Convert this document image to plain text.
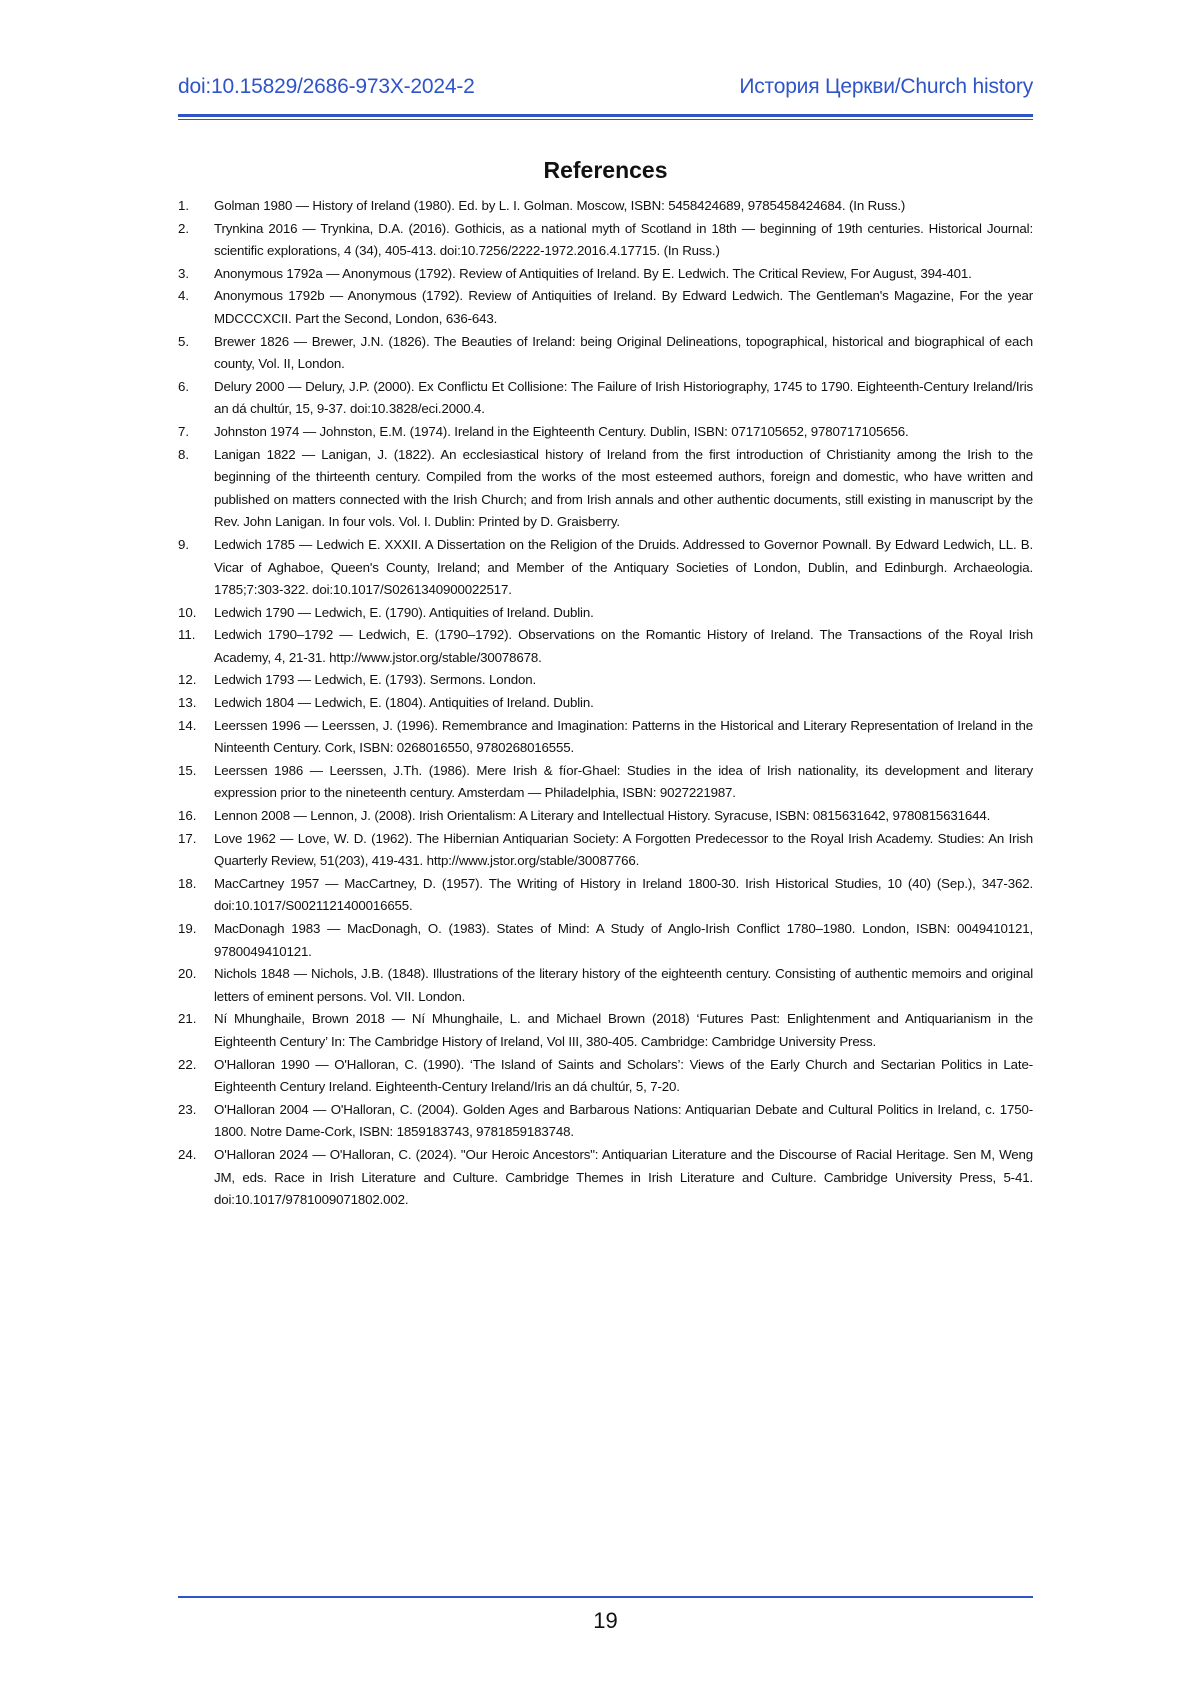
doi:10.15829/2686-973X-2024-2	История Церкви/Church history
References
1.	Golman 1980 — History of Ireland (1980). Ed. by L. I. Golman. Moscow, ISBN: 5458424689, 9785458424684. (In Russ.)
2.	Trynkina 2016 — Trynkina, D.A. (2016). Gothicis, as a national myth of Scotland in 18th — beginning of 19th centuries. Historical Journal: scientific explorations, 4 (34), 405-413. doi:10.7256/2222-1972.2016.4.17715. (In Russ.)
3.	Anonymous 1792a — Anonymous (1792). Review of Antiquities of Ireland. By E. Ledwich. The Critical Review, For August, 394-401.
4.	Anonymous 1792b — Anonymous (1792). Review of Antiquities of Ireland. By Edward Ledwich. The Gentleman's Magazine, For the year MDCCCXCII. Part the Second, London, 636-643.
5.	Brewer 1826 — Brewer, J.N. (1826). The Beauties of Ireland: being Original Delineations, topographical, historical and biographical of each county, Vol. II, London.
6.	Delury 2000 — Delury, J.P. (2000). Ex Conflictu Et Collisione: The Failure of Irish Historiography, 1745 to 1790. Eighteenth-Century Ireland/Iris an dá chultúr, 15, 9-37. doi:10.3828/eci.2000.4.
7.	Johnston 1974 — Johnston, E.M. (1974). Ireland in the Eighteenth Century. Dublin, ISBN: 0717105652, 9780717105656.
8.	Lanigan 1822 — Lanigan, J. (1822). An ecclesiastical history of Ireland from the first introduction of Christianity among the Irish to the beginning of the thirteenth century. Compiled from the works of the most esteemed authors, foreign and domestic, who have written and published on matters connected with the Irish Church; and from Irish annals and other authentic documents, still existing in manuscript by the Rev. John Lanigan. In four vols. Vol. I. Dublin: Printed by D. Graisberry.
9.	Ledwich 1785 — Ledwich E. XXXII. A Dissertation on the Religion of the Druids. Addressed to Governor Pownall. By Edward Ledwich, LL. B. Vicar of Aghaboe, Queen's County, Ireland; and Member of the Antiquary Societies of London, Dublin, and Edinburgh. Archaeologia. 1785;7:303-322. doi:10.1017/S0261340900022517.
10.	Ledwich 1790 — Ledwich, E. (1790). Antiquities of Ireland. Dublin.
11.	Ledwich 1790–1792 — Ledwich, E. (1790–1792). Observations on the Romantic History of Ireland. The Transactions of the Royal Irish Academy, 4, 21-31. http://www.jstor.org/stable/30078678.
12.	Ledwich 1793 — Ledwich, E. (1793). Sermons. London.
13.	Ledwich 1804 — Ledwich, E. (1804). Antiquities of Ireland. Dublin.
14.	Leerssen 1996 — Leerssen, J. (1996). Remembrance and Imagination: Patterns in the Historical and Literary Representation of Ireland in the Ninteenth Century. Cork, ISBN: 0268016550, 9780268016555.
15.	Leerssen 1986 — Leerssen, J.Th. (1986). Mere Irish & fíor-Ghael: Studies in the idea of Irish nationality, its development and literary expression prior to the nineteenth century. Amsterdam — Philadelphia, ISBN: 9027221987.
16.	Lennon 2008 — Lennon, J. (2008). Irish Orientalism: A Literary and Intellectual History. Syracuse, ISBN: 0815631642, 9780815631644.
17.	Love 1962 — Love, W. D. (1962). The Hibernian Antiquarian Society: A Forgotten Predecessor to the Royal Irish Academy. Studies: An Irish Quarterly Review, 51(203), 419-431. http://www.jstor.org/stable/30087766.
18.	MacCartney 1957 — MacCartney, D. (1957). The Writing of History in Ireland 1800-30. Irish Historical Studies, 10 (40) (Sep.), 347-362. doi:10.1017/S0021121400016655.
19.	MacDonagh 1983 — MacDonagh, O. (1983). States of Mind: A Study of Anglo-Irish Conflict 1780–1980. London, ISBN: 0049410121, 9780049410121.
20.	Nichols 1848 — Nichols, J.B. (1848). Illustrations of the literary history of the eighteenth century. Consisting of authentic memoirs and original letters of eminent persons. Vol. VII. London.
21.	Ní Mhunghaile, Brown 2018 — Ní Mhunghaile, L. and Michael Brown (2018) ‘Futures Past: Enlightenment and Antiquarianism in the Eighteenth Century’ In: The Cambridge History of Ireland, Vol III, 380-405. Cambridge: Cambridge University Press.
22.	O'Halloran 1990 — O'Halloran, C. (1990). ‘The Island of Saints and Scholars’: Views of the Early Church and Sectarian Politics in Late-Eighteenth Century Ireland. Eighteenth-Century Ireland/Iris an dá chultúr, 5, 7-20.
23.	O'Halloran 2004 — O'Halloran, C. (2004). Golden Ages and Barbarous Nations: Antiquarian Debate and Cultural Politics in Ireland, c. 1750-1800. Notre Dame-Cork, ISBN: 1859183743, 9781859183748.
24.	O'Halloran 2024 — O'Halloran, C. (2024). "Our Heroic Ancestors": Antiquarian Literature and the Discourse of Racial Heritage. Sen M, Weng JM, eds. Race in Irish Literature and Culture. Cambridge Themes in Irish Literature and Culture. Cambridge University Press, 5-41. doi:10.1017/9781009071802.002.
19
